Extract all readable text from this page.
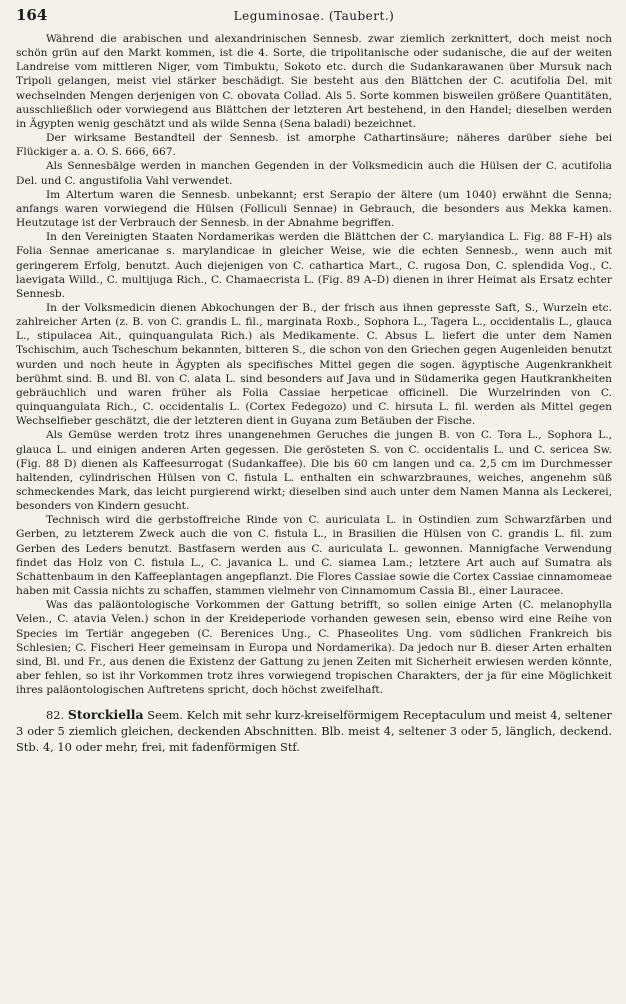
164	Leguminosae. (Taubert.)

Während die arabischen und alexandrinischen Sennesb. zwar ziemlich zerknittert, doch meist noch schön grün auf den Markt kommen, ist die 4. Sorte, die tripolitanische oder sudanische, die auf der weiten Landreise vom mittleren Niger, vom Timbuktu, Sokoto etc. durch die Sudankarawanen über Mursuk nach Tripoli gelangen, meist viel stärker beschädigt. Sie besteht aus den Blättchen der C. acutifolia Del. mit wechselnden Mengen derjenigen von C. obovata Collad. Als 5. Sorte kommen bisweilen größere Quantitäten, ausschließlich oder vorwiegend aus Blättchen der letzteren Art bestehend, in den Handel; dieselben werden in Ägypten wenig geschätzt und als wilde Senna (Sena baladi) bezeichnet.

Der wirksame Bestandteil der Sennesb. ist amorphe Cathartinsäure; näheres darüber siehe bei Flückiger a. a. O. S. 666, 667.

Als Sennesbälge werden in manchen Gegenden in der Volksmedicin auch die Hülsen der C. acutifolia Del. und C. angustifolia Vahl verwendet.

Im Altertum waren die Sennesb. unbekannt; erst Serapio der ältere (um 1040) erwähnt die Senna; anfangs waren vorwiegend die Hülsen (Folliculi Sennae) in Gebrauch, die besonders aus Mekka kamen. Heutzutage ist der Verbrauch der Sennesb. in der Abnahme begriffen.

In den Vereinigten Staaten Nordamerikas werden die Blättchen der C. marylandica L. Fig. 88 F–H) als Folia Sennae americanae s. marylandicae in gleicher Weise, wie die echten Sennesb., wenn auch mit geringerem Erfolg, benutzt. Auch diejenigen von C. cathartica Mart., C. rugosa Don, C. splendida Vog., C. laevigata Willd., C. multijuga Rich., C. Chamaecrista L. (Fig. 89 A–D) dienen in ihrer Heimat als Ersatz echter Sennesb.

In der Volksmedicin dienen Abkochungen der B., der frisch aus ihnen gepresste Saft, S., Wurzeln etc. zahlreicher Arten (z. B. von C. grandis L. fil., marginata Roxb., Sophora L., Tagera L., occidentalis L., glauca L., stipulacea Ait., quinquangulata Rich.) als Medikamente. C. Absus L. liefert die unter dem Namen Tschischim, auch Tscheschum bekannten, bitteren S., die schon von den Griechen gegen Augenleiden benutzt wurden und noch heute in Ägypten als specifisches Mittel gegen die sogen. ägyptische Augenkrankheit berühmt sind. B. und Bl. von C. alata L. sind besonders auf Java und in Südamerika gegen Hautkrankheiten gebräuchlich und waren früher als Folia Cassiae herpeticae officinell. Die Wurzelrinden von C. quinquangulata Rich., C. occidentalis L. (Cortex Fedegozo) und C. hirsuta L. fil. werden als Mittel gegen Wechselfieber geschätzt, die der letzteren dient in Guyana zum Betäuben der Fische.

Als Gemüse werden trotz ihres unangenehmen Geruches die jungen B. von C. Tora L., Sophora L., glauca L. und einigen anderen Arten gegessen. Die gerösteten S. von C. occidentalis L. und C. sericea Sw. (Fig. 88 D) dienen als Kaffeesurrogat (Sudankaffee). Die bis 60 cm langen und ca. 2,5 cm im Durchmesser haltenden, cylindrischen Hülsen von C. fistula L. enthalten ein schwarzbraunes, weiches, angenehm süß schmeckendes Mark, das leicht purgierend wirkt; dieselben sind auch unter dem Namen Manna als Leckerei, besonders von Kindern gesucht.

Technisch wird die gerbstoffreiche Rinde von C. auriculata L. in Ostindien zum Schwarzfärben und Gerben, zu letzterem Zweck auch die von C. fistula L., in Brasilien die Hülsen von C. grandis L. fil. zum Gerben des Leders benutzt. Bastfasern werden aus C. auriculata L. gewonnen. Mannigfache Verwendung findet das Holz von C. fistula L., C. javanica L. und C. siamea Lam.; letztere Art auch auf Sumatra als Schattenbaum in den Kaffeeplantagen angepflanzt. Die Flores Cassiae sowie die Cortex Cassiae cinnamomeae haben mit Cassia nichts zu schaffen, stammen vielmehr von Cinnamomum Cassia Bl., einer Lauracee.

Was das paläontologische Vorkommen der Gattung betrifft, so sollen einige Arten (C. melanophylla Velen., C. atavia Velen.) schon in der Kreideperiode vorhanden gewesen sein, ebenso wird eine Reihe von Species im Tertiär angegeben (C. Berenices Ung., C. Phaseolites Ung. vom südlichen Frankreich bis Schlesien; C. Fischeri Heer gemeinsam in Europa und Nordamerika). Da jedoch nur B. dieser Arten erhalten sind, Bl. und Fr., aus denen die Existenz der Gattung zu jenen Zeiten mit Sicherheit erwiesen werden könnte, aber fehlen, so ist ihr Vorkommen trotz ihres vorwiegend tropischen Charakters, der ja für eine Möglichkeit ihres paläontologischen Auftretens spricht, doch höchst zweifelhaft.

82. Storckiella Seem. Kelch mit sehr kurz-kreiselförmigem Receptaculum und meist 4, seltener 3 oder 5 ziemlich gleichen, deckenden Abschnitten. Blb. meist 4, seltener 3 oder 5, länglich, deckend. Stb. 4, 10 oder mehr, frei, mit fadenförmigen Stf.
